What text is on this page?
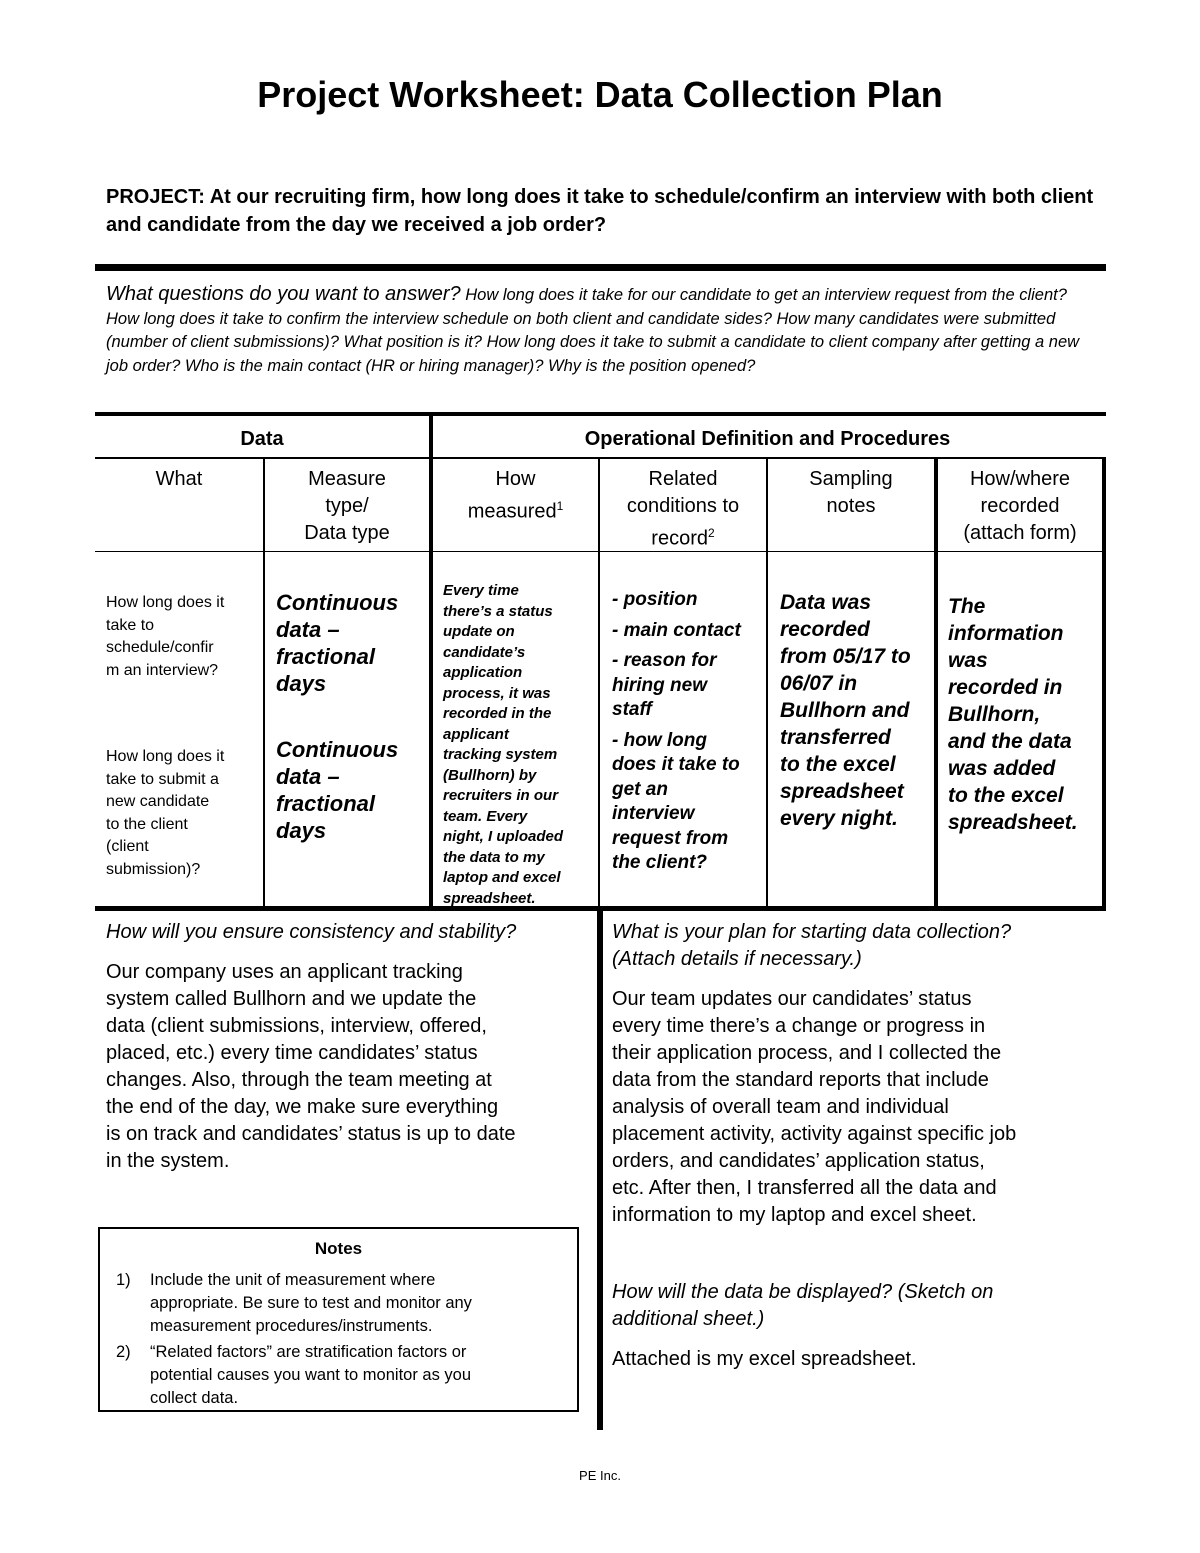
Project Worksheet: Data Collection Plan
PROJECT: At our recruiting firm, how long does it take to schedule/confirm an interview with both client and candidate from the day we received a job order?
What questions do you want to answer? How long does it take for our candidate to get an interview request from the client? How long does it take to confirm the interview schedule on both client and candidate sides? How many candidates were submitted (number of client submissions)? What position is it? How long does it take to submit a candidate to client company after getting a new job order? Who is the main contact (HR or hiring manager)? Why is the position opened?
Data	Operational Definition and Procedures
What	Measure
type/
Data type
How
measured$^1$
Related
conditions to
record$^2$
Sampling
notes
How/where
recorded
(attach form)
How long does it
take to
schedule/confir
m an interview?
How long does it
take to submit a
new candidate
to the client
(client
submission)?
Continuous
data –
fractional
days
Continuous
data –
fractional
days
Every time
there’s a status
update on
candidate’s
application
process, it was
recorded in the
applicant
tracking system
(Bullhorn) by
recruiters in our
team. Every
night, I uploaded
the data to my
laptop and excel
spreadsheet.
- position
- main contact
- reason for
hiring new
staff
- how long
does it take to
get an
interview
request from
the client?
Data was
recorded
from 05/17 to
06/07 in
Bullhorn and
transferred
to the excel
spreadsheet
every night.
The
information
was
recorded in
Bullhorn,
and the data
was added
to the excel
spreadsheet.
How will you ensure consistency and stability?
Our company uses an applicant tracking
system called Bullhorn and we update the
data (client submissions, interview, offered,
placed, etc.) every time candidates’ status
changes. Also, through the team meeting at
the end of the day, we make sure everything
is on track and candidates’ status is up to date
in the system.
What is your plan for starting data collection?
(Attach details if necessary.)
Our team updates our candidates’ status
every time there’s a change or progress in
their application process, and I collected the
data from the standard reports that include
analysis of overall team and individual
placement activity, activity against specific job
orders, and candidates’ application status,
etc. After then, I transferred all the data and
information to my laptop and excel sheet.
How will the data be displayed? (Sketch on
additional sheet.)
Attached is my excel spreadsheet.
Notes
1) Include the unit of measurement where
appropriate. Be sure to test and monitor any
measurement procedures/instruments.
2) “Related factors” are stratification factors or
potential causes you want to monitor as you
collect data.
PE Inc.
